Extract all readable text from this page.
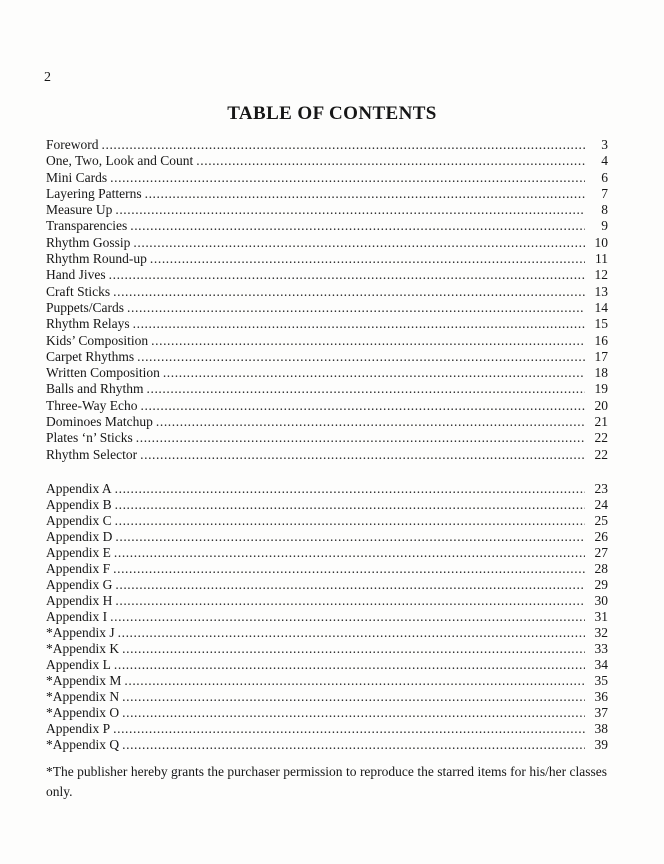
2
TABLE OF CONTENTS
Foreword .....	3
One, Two, Look and Count .....	4
Mini Cards .....	6
Layering Patterns .....	7
Measure Up .....	8
Transparencies .....	9
Rhythm Gossip .....	10
Rhythm Round-up .....	11
Hand Jives .....	12
Craft Sticks .....	13
Puppets/Cards .....	14
Rhythm Relays .....	15
Kids’ Composition .....	16
Carpet Rhythms .....	17
Written Composition .....	18
Balls and Rhythm .....	19
Three-Way Echo .....	20
Dominoes Matchup .....	21
Plates ‘n’ Sticks .....	22
Rhythm Selector .....	22
Appendix A .....	23
Appendix B .....	24
Appendix C .....	25
Appendix D .....	26
Appendix E .....	27
Appendix F .....	28
Appendix G .....	29
Appendix H .....	30
Appendix I .....	31
*Appendix J .....	32
*Appendix K .....	33
Appendix L .....	34
*Appendix M .....	35
*Appendix N .....	36
*Appendix O .....	37
Appendix P .....	38
*Appendix Q .....	39

*The publisher hereby grants the purchaser permission to reproduce the starred items for his/her classes only.
